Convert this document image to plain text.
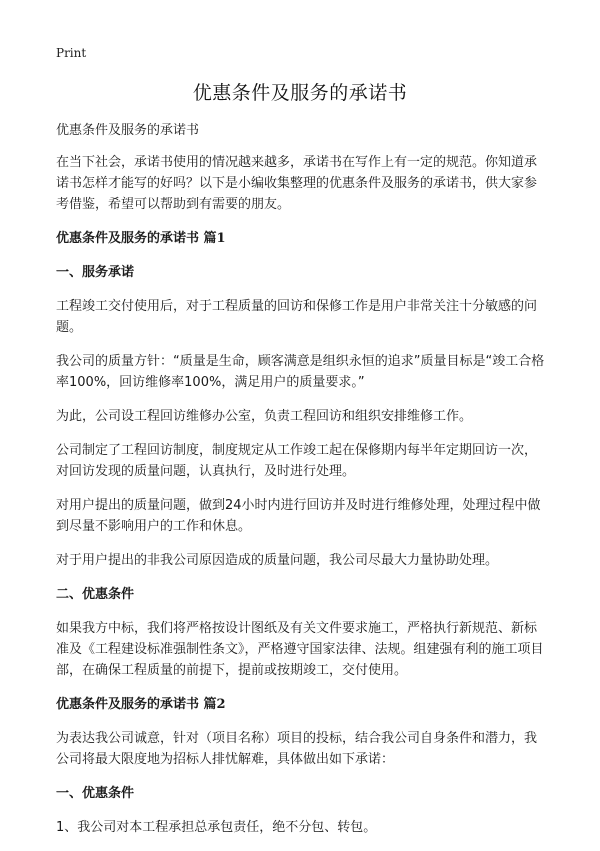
Print
优惠条件及服务的承诺书

优惠条件及服务的承诺书

在当下社会，承诺书使用的情况越来越多，承诺书在写作上有一定的规范。你知道承诺书怎样才能写的好吗？以下是小编收集整理的优惠条件及服务的承诺书，供大家参考借鉴，希望可以帮助到有需要的朋友。

优惠条件及服务的承诺书 篇1
一、服务承诺

工程竣工交付使用后，对于工程质量的回访和保修工作是用户非常关注十分敏感的问题。

我公司的质量方针：“质量是生命，顾客满意是组织永恒的追求”质量目标是“竣工合格率100%，回访维修率100%，满足用户的质量要求。”

为此，公司设工程回访维修办公室，负责工程回访和组织安排维修工作。

公司制定了工程回访制度，制度规定从工作竣工起在保修期内每半年定期回访一次，对回访发现的质量问题，认真执行，及时进行处理。

对用户提出的质量问题，做到24小时内进行回访并及时进行维修处理，处理过程中做到尽量不影响用户的工作和休息。

对于用户提出的非我公司原因造成的质量问题，我公司尽最大力量协助处理。

二、优惠条件

如果我方中标，我们将严格按设计图纸及有关文件要求施工，严格执行新规范、新标准及《工程建设标准强制性条文》，严格遵守国家法律、法规。组建强有利的施工项目部，在确保工程质量的前提下，提前或按期竣工，交付使用。

优惠条件及服务的承诺书 篇2

为表达我公司诚意，针对（项目名称）项目的投标，结合我公司自身条件和潜力，我公司将最大限度地为招标人排忧解难，具体做出如下承诺：

一、优惠条件

1、我公司对本工程承担总承包责任，绝不分包、转包。
